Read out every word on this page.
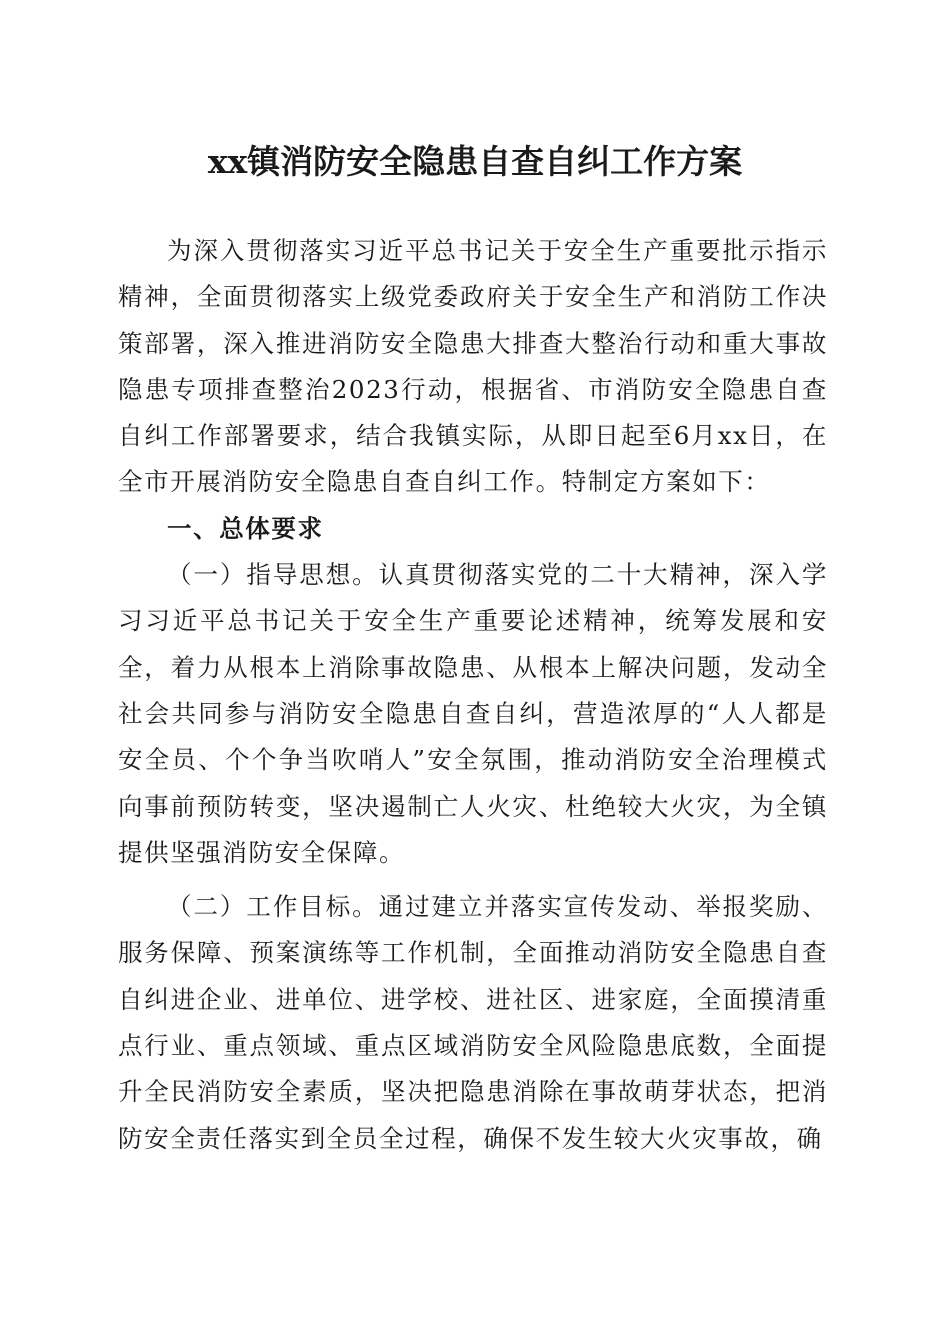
xx镇消防安全隐患自查自纠工作方案

为深入贯彻落实习近平总书记关于安全生产重要批示指示精神，全面贯彻落实上级党委政府关于安全生产和消防工作决策部署，深入推进消防安全隐患大排查大整治行动和重大事故隐患专项排查整治2023行动，根据省、市消防安全隐患自查自纠工作部署要求，结合我镇实际，从即日起至6月xx日，在全市开展消防安全隐患自查自纠工作。特制定方案如下：

一、总体要求

（一）指导思想。认真贯彻落实党的二十大精神，深入学习习近平总书记关于安全生产重要论述精神，统筹发展和安全，着力从根本上消除事故隐患、从根本上解决问题，发动全社会共同参与消防安全隐患自查自纠，营造浓厚的“人人都是安全员、个个争当吹哨人”安全氛围，推动消防安全治理模式向事前预防转变，坚决遏制亡人火灾、杜绝较大火灾，为全镇提供坚强消防安全保障。

（二）工作目标。通过建立并落实宣传发动、举报奖励、服务保障、预案演练等工作机制，全面推动消防安全隐患自查自纠进企业、进单位、进学校、进社区、进家庭，全面摸清重点行业、重点领域、重点区域消防安全风险隐患底数，全面提升全民消防安全素质，坚决把隐患消除在事故萌芽状态，把消防安全责任落实到全员全过程，确保不发生较大火灾事故，确
